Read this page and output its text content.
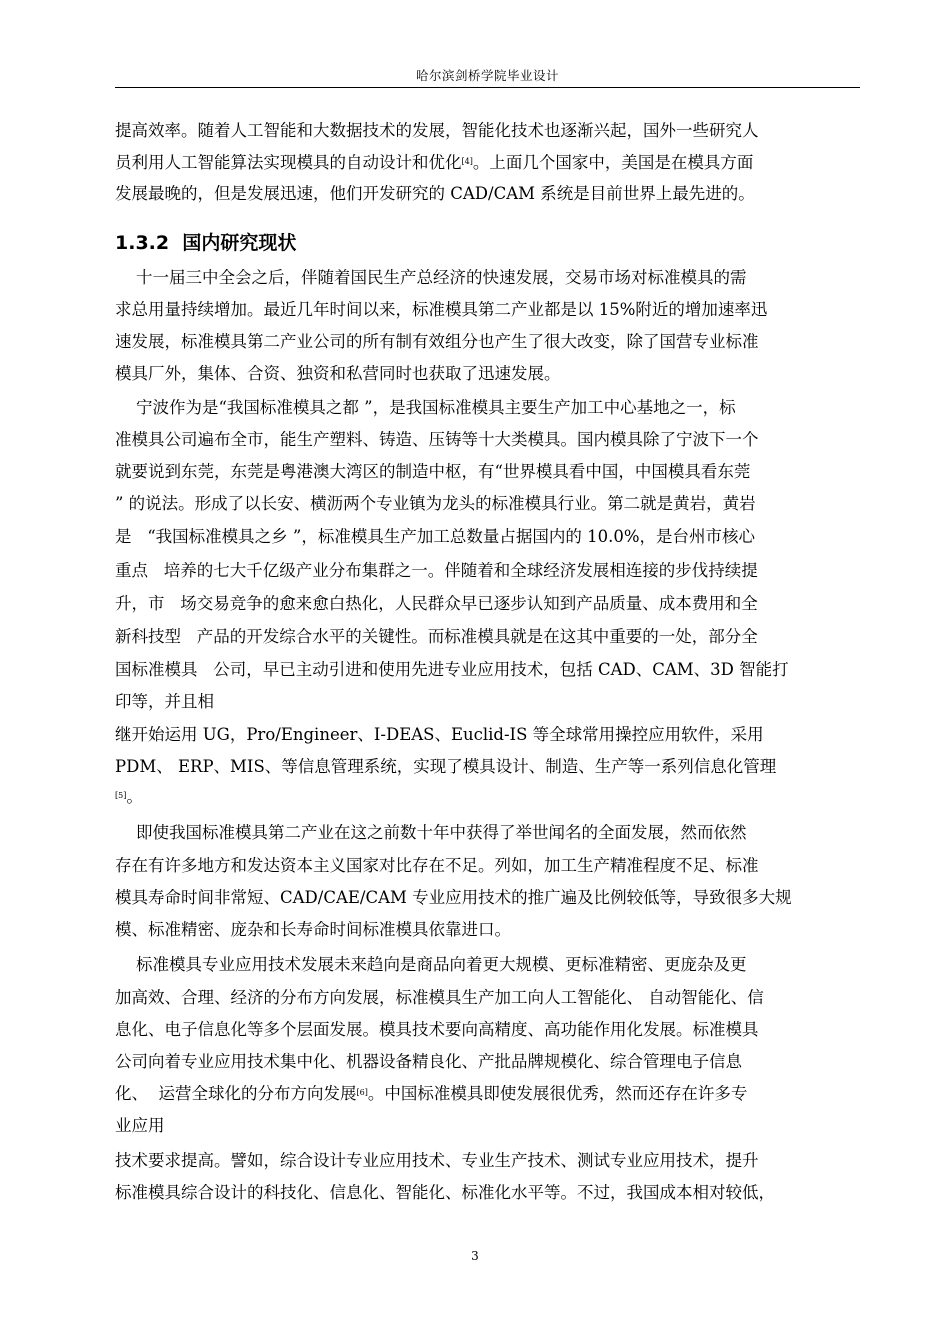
哈尔滨剑桥学院毕业设计
提高效率。随着人工智能和大数据技术的发展，智能化技术也逐渐兴起，国外一些研究人
员利用人工智能算法实现模具的自动设计和优化[4]。上面几个国家中，美国是在模具方面
发展最晚的，但是发展迅速，他们开发研究的 CAD/CAM 系统是目前世界上最先进的。
1.3.2  国内研究现状
十一届三中全会之后，伴随着国民生产总经济的快速发展，交易市场对标准模具的需
求总用量持续增加。最近几年时间以来，标准模具第二产业都是以 15%附近的增加速率迅
速发展，标准模具第二产业公司的所有制有效组分也产生了很大改变，除了国营专业标准
模具厂外，集体、合资、独资和私营同时也获取了迅速发展。
宁波作为是“我国标准模具之都 ”，是我国标准模具主要生产加工中心基地之一，标
准模具公司遍布全市，能生产塑料、铸造、压铸等十大类模具。国内模具除了宁波下一个
就要说到东莞，东莞是粤港澳大湾区的制造中枢，有“世界模具看中国，中国模具看东莞
” 的说法。形成了以长安、横沥两个专业镇为龙头的标准模具行业。第二就是黄岩，黄岩
是   “我国标准模具之乡 ”，标准模具生产加工总数量占据国内的 10.0%，是台州市核心
重点   培养的七大千亿级产业分布集群之一。伴随着和全球经济发展相连接的步伐持续提
升，市   场交易竞争的愈来愈白热化，人民群众早已逐步认知到产品质量、成本费用和全
新科技型   产品的开发综合水平的关键性。而标准模具就是在这其中重要的一处，部分全
国标准模具   公司，早已主动引进和使用先进专业应用技术，包括 CAD、CAM、3D 智能打
印等，并且相
继开始运用 UG，Pro/Engineer、I-DEAS、Euclid-IS 等全球常用操控应用软件，采用
PDM、 ERP、MIS、等信息管理系统，实现了模具设计、制造、生产等一系列信息化管理
[5]。
即使我国标准模具第二产业在这之前数十年中获得了举世闻名的全面发展，然而依然
存在有许多地方和发达资本主义国家对比存在不足。列如，加工生产精准程度不足、标准
模具寿命时间非常短、CAD/CAE/CAM 专业应用技术的推广遍及比例较低等，导致很多大规
模、标准精密、庞杂和长寿命时间标准模具依靠进口。
标准模具专业应用技术发展未来趋向是商品向着更大规模、更标准精密、更庞杂及更
加高效、合理、经济的分布方向发展，标准模具生产加工向人工智能化、 自动智能化、信
息化、电子信息化等多个层面发展。模具技术要向高精度、高功能作用化发展。标准模具
公司向着专业应用技术集中化、机器设备精良化、产批品牌规模化、综合管理电子信息
化、  运营全球化的分布方向发展[6]。中国标准模具即使发展很优秀，然而还存在许多专
业应用
技术要求提高。譬如，综合设计专业应用技术、专业生产技术、测试专业应用技术，提升
标准模具综合设计的科技化、信息化、智能化、标准化水平等。不过，我国成本相对较低，
3
